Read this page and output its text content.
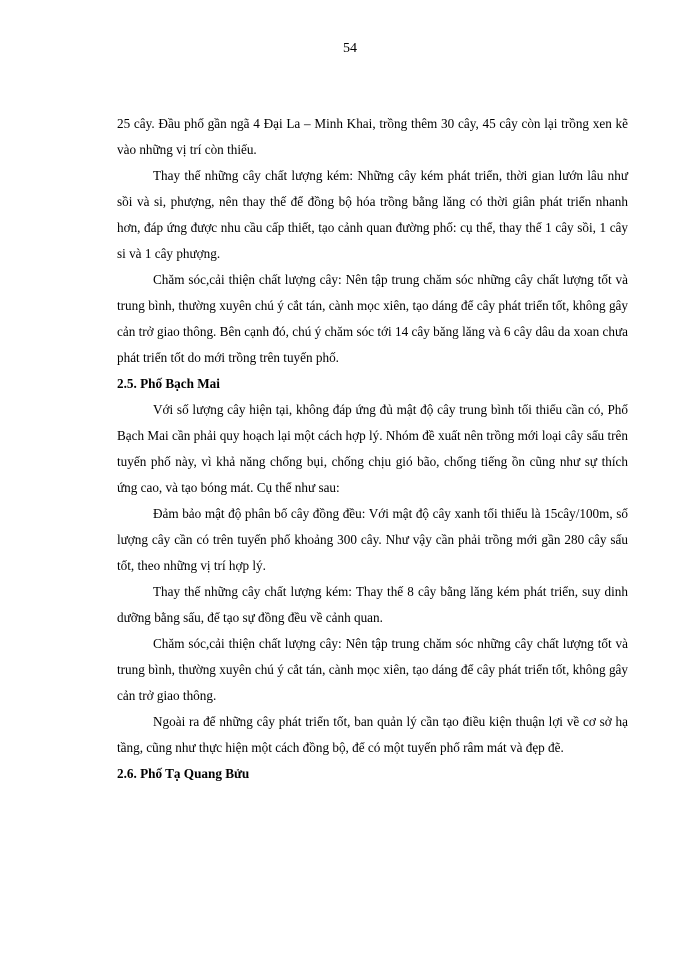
54

25 cây. Đầu phố gần ngã 4 Đại La – Minh Khai, trồng thêm 30 cây, 45 cây còn lại trồng xen kẽ vào những vị trí còn thiếu.

Thay thế những cây chất lượng kém: Những cây kém phát triển, thời gian lướn lâu như sồi và si, phượng, nên thay thế để đồng bộ hóa trồng bằng lăng có thời giân phát triển nhanh hơn, đáp ứng được nhu cầu cấp thiết, tạo cảnh quan đường phố: cụ thể, thay thế 1 cây sồi, 1 cây si và 1 cây phượng.

Chăm sóc,cải thiện chất lượng cây: Nên tập trung chăm sóc những cây chất lượng tốt và trung bình, thường xuyên chú ý cắt tán, cành mọc xiên, tạo dáng để cây phát triển tốt, không gây cản trở giao thông. Bên cạnh đó, chú ý chăm sóc tới 14 cây băng lăng và 6 cây dâu da xoan chưa phát triển tốt do mới trồng trên tuyến phố.

2.5. Phố Bạch Mai

Với số lượng cây hiện tại, không đáp ứng đủ mật độ cây trung bình tối thiểu cần có, Phố Bạch Mai cần phải quy hoạch lại một cách hợp lý. Nhóm đề xuất nên trồng mới loại cây sấu trên tuyến phố này, vì khả năng chống bụi, chống chịu gió bão, chống tiếng ồn cũng như sự thích ứng cao, và tạo bóng mát. Cụ thể như sau:

Đảm bảo mật độ phân bố cây đồng đều: Với mật độ cây xanh tối thiểu là 15cây/100m, số lượng cây cần có trên tuyến phố khoảng 300 cây. Như vậy cần phải trồng mới gần 280 cây sấu tốt, theo những vị trí hợp lý.

Thay thế những cây chất lượng kém: Thay thế 8 cây bằng lăng kém phát triển, suy dinh dưỡng bằng sấu, để tạo sự đồng đều về cảnh quan.

Chăm sóc,cải thiện chất lượng cây: Nên tập trung chăm sóc những cây chất lượng tốt và trung bình, thường xuyên chú ý cắt tán, cành mọc xiên, tạo dáng để cây phát triển tốt, không gây cản trở giao thông.

Ngoài ra để những cây phát triển tốt, ban quản lý cần tạo điều kiện thuận lợi về cơ sở hạ tầng, cũng như thực hiện một cách đồng bộ, để có một tuyến phố râm mát và đẹp đẽ.

2.6. Phố Tạ Quang Bửu
